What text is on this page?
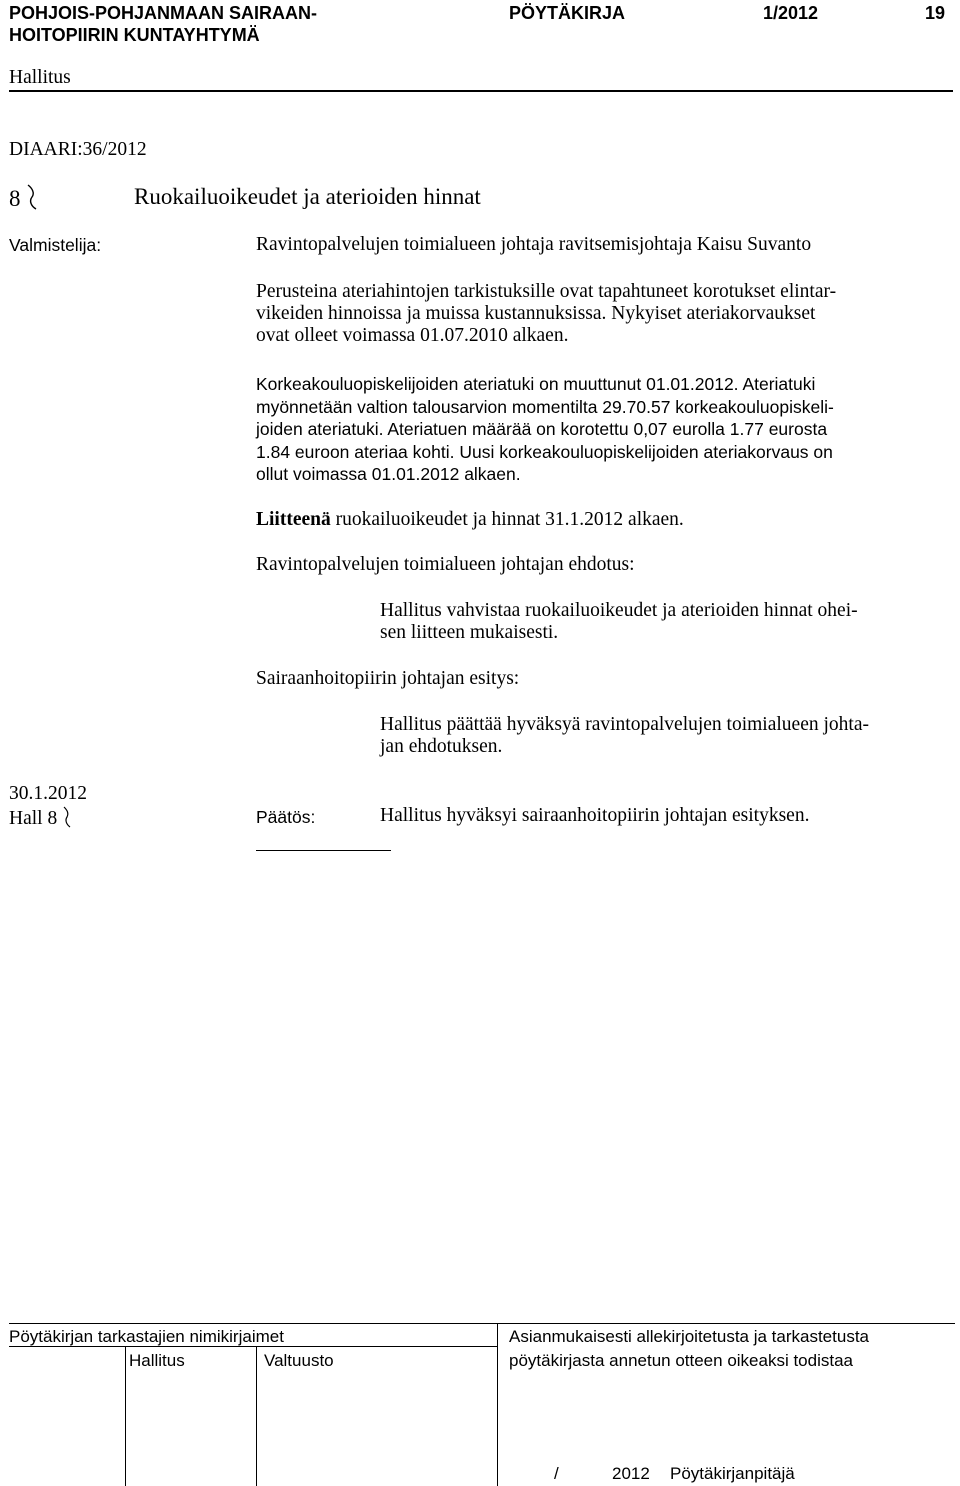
POHJOIS-POHJANMAAN SAIRAAN-
HOITOPIIRIN KUNTAYHTYMÄ
PÖYTÄKIRJA	1/2012	19
Hallitus
DIAARI:36/2012
8	Ruokailuoikeudet ja aterioiden hinnat
Valmistelija:	Ravintopalvelujen toimialueen johtaja ravitsemisjohtaja Kaisu Suvanto
Perusteina ateriahintojen tarkistuksille ovat tapahtuneet korotukset elintar-
vikeiden hinnoissa ja muissa kustannuksissa. Nykyiset ateriakorvaukset
ovat olleet voimassa 01.07.2010 alkaen.
Korkeakouluopiskelijoiden ateriatuki on muuttunut 01.01.2012. Ateriatuki
myönnetään valtion talousarvion momentilta 29.70.57 korkeakouluopiskeli-
joiden ateriatuki. Ateriatuen määrää on korotettu 0,07 eurolla 1.77 eurosta
1.84 euroon ateriaa kohti. Uusi korkeakouluopiskelijoiden ateriakorvaus on
ollut voimassa 01.01.2012 alkaen.
Liitteenä ruokailuoikeudet ja hinnat 31.1.2012 alkaen.
Ravintopalvelujen toimialueen johtajan ehdotus:
Hallitus vahvistaa ruokailuoikeudet ja aterioiden hinnat ohei-
sen liitteen mukaisesti.
Sairaanhoitopiirin johtajan esitys:
Hallitus päättää hyväksyä ravintopalvelujen toimialueen johta-
jan ehdotuksen.
30.1.2012
Hall 8	Päätös:	Hallitus hyväksyi sairaanhoitopiirin johtajan esityksen.
Pöytäkirjan tarkastajien nimikirjaimet
Hallitus	Valtuusto
Asianmukaisesti allekirjoitetusta ja tarkastetusta
pöytäkirjasta annetun otteen oikeaksi todistaa
/	2012 Pöytäkirjanpitäjä
